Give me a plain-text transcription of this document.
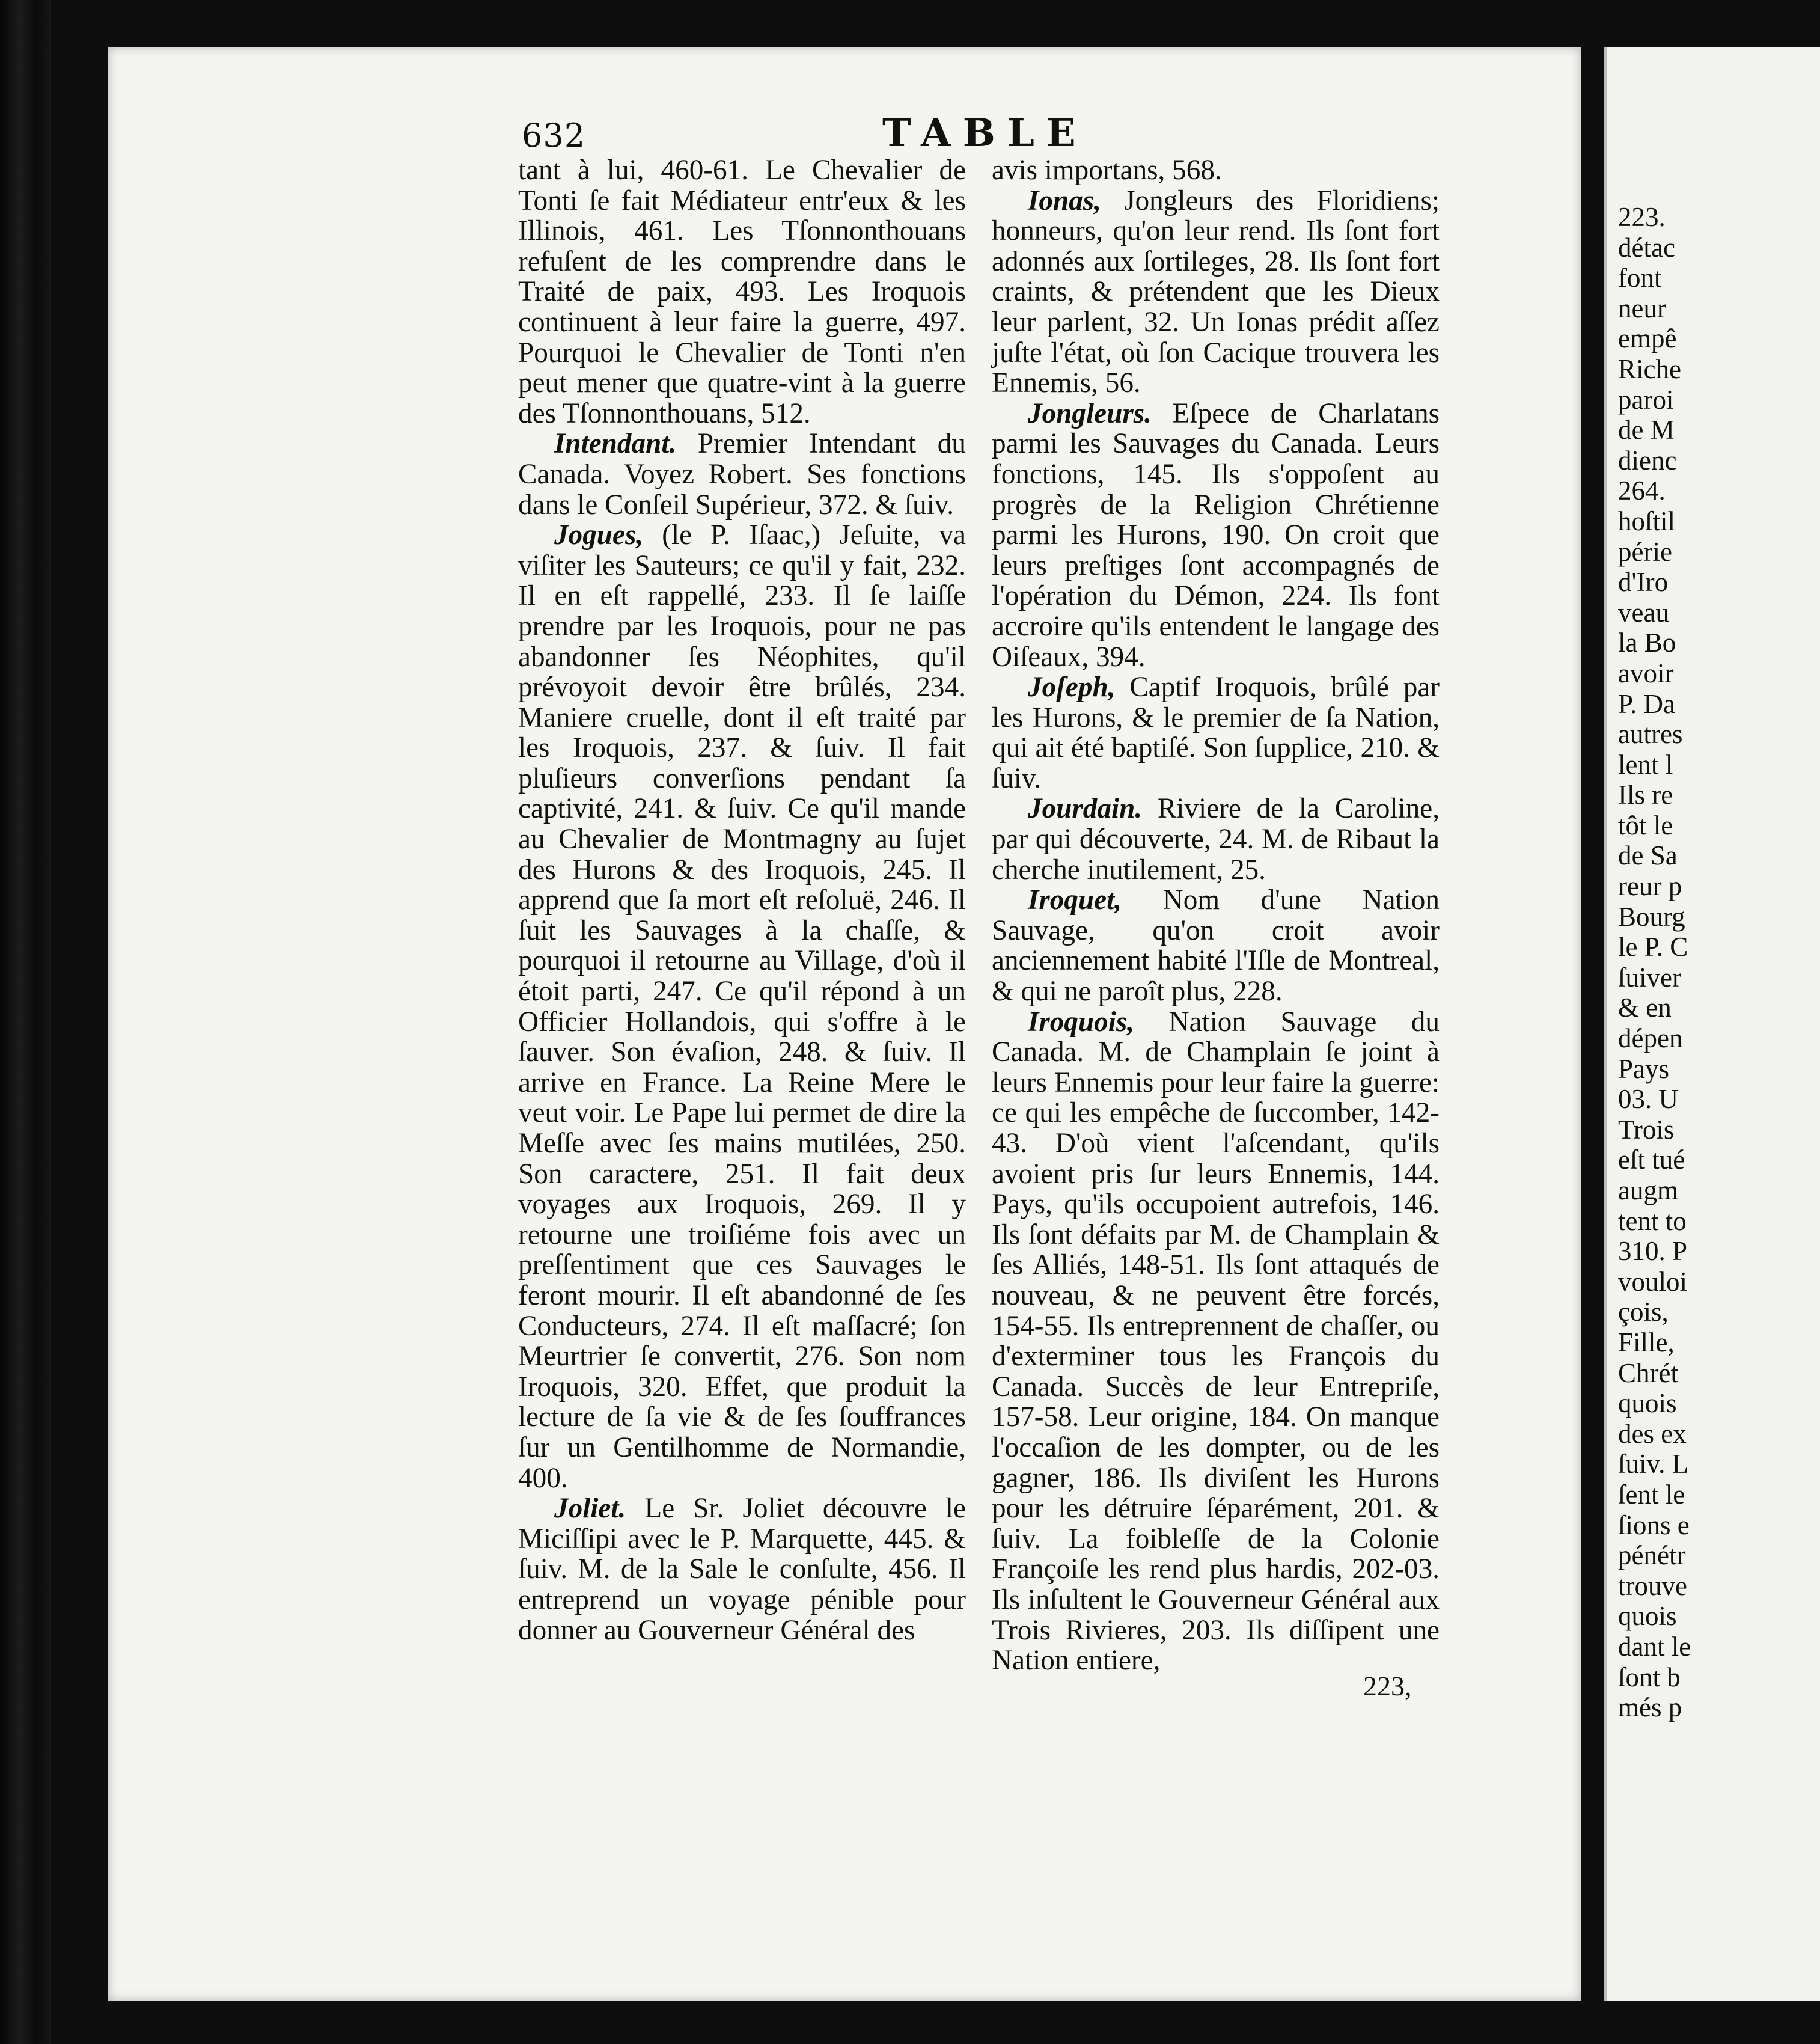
632	TABLE

tant à lui, 460-61. Le Chevalier de Tonti ſe fait Médiateur entr'eux & les Illinois, 461. Les Tſonnonthouans refuſent de les comprendre dans le Traité de paix, 493. Les Iroquois continuent à leur faire la guerre, 497. Pourquoi le Chevalier de Tonti n'en peut mener que quatre-vint à la guerre des Tſonnonthouans, 512.

Intendant. Premier Intendant du Canada. Voyez Robert. Ses fonctions dans le Conſeil Supérieur, 372. & ſuiv.

Jogues, (le P. Iſaac,) Jeſuite, va viſiter les Sauteurs; ce qu'il y fait, 232. Il en eſt rappellé, 233. Il ſe laiſſe prendre par les Iroquois, pour ne pas abandonner ſes Néophites, qu'il prévoyoit devoir être brûlés, 234. Maniere cruelle, dont il eſt traité par les Iroquois, 237. & ſuiv. Il fait pluſieurs converſions pendant ſa captivité, 241. & ſuiv. Ce qu'il mande au Chevalier de Montmagny au ſujet des Hurons & des Iroquois, 245. Il apprend que ſa mort eſt reſoluë, 246. Il ſuit les Sauvages à la chaſſe, & pourquoi il retourne au Village, d'où il étoit parti, 247. Ce qu'il répond à un Officier Hollandois, qui s'offre à le ſauver. Son évaſion, 248. & ſuiv. Il arrive en France. La Reine Mere le veut voir. Le Pape lui permet de dire la Meſſe avec ſes mains mutilées, 250. Son caractere, 251. Il fait deux voyages aux Iroquois, 269. Il y retourne une troiſiéme fois avec un preſſentiment que ces Sauvages le feront mourir. Il eſt abandonné de ſes Conducteurs, 274. Il eſt maſſacré; ſon Meurtrier ſe convertit, 276. Son nom Iroquois, 320. Effet, que produit la lecture de ſa vie & de ſes ſouffrances ſur un Gentilhomme de Normandie, 400.

Joliet. Le Sr. Joliet découvre le Miciſſipi avec le P. Marquette, 445. & ſuiv. M. de la Sale le conſulte, 456. Il entreprend un voyage pénible pour donner au Gouverneur Général des

avis importans, 568.

Ionas, Jongleurs des Floridiens; honneurs, qu'on leur rend. Ils ſont fort adonnés aux ſortileges, 28. Ils ſont fort craints, & prétendent que les Dieux leur parlent, 32. Un Ionas prédit aſſez juſte l'état, où ſon Cacique trouvera les Ennemis, 56.

Jongleurs. Eſpece de Charlatans parmi les Sauvages du Canada. Leurs fonctions, 145. Ils s'oppoſent au progrès de la Religion Chrétienne parmi les Hurons, 190. On croit que leurs preſtiges ſont accompagnés de l'opération du Démon, 224. Ils font accroire qu'ils entendent le langage des Oiſeaux, 394.

Joſeph, Captif Iroquois, brûlé par les Hurons, & le premier de ſa Nation, qui ait été baptiſé. Son ſupplice, 210. & ſuiv.

Jourdain. Riviere de la Caroline, par qui découverte, 24. M. de Ribaut la cherche inutilement, 25.

Iroquet, Nom d'une Nation Sauvage, qu'on croit avoir anciennement habité l'Iſle de Montreal, & qui ne paroît plus, 228.

Iroquois, Nation Sauvage du Canada. M. de Champlain ſe joint à leurs Ennemis pour leur faire la guerre: ce qui les empêche de ſuccomber, 142-43. D'où vient l'aſcendant, qu'ils avoient pris ſur leurs Ennemis, 144. Pays, qu'ils occupoient autrefois, 146. Ils ſont défaits par M. de Champlain & ſes Alliés, 148-51. Ils ſont attaqués de nouveau, & ne peuvent être forcés, 154-55. Ils entreprennent de chaſſer, ou d'exterminer tous les François du Canada. Succès de leur Entrepriſe, 157-58. Leur origine, 184. On manque l'occaſion de les dompter, ou de les gagner, 186. Ils diviſent les Hurons pour les détruire ſéparément, 201. & ſuiv. La foibleſſe de la Colonie Françoiſe les rend plus hardis, 202-03. Ils inſultent le Gouverneur Général aux Trois Rivieres, 203. Ils diſſipent une Nation entiere,

223,
223.
détac
font
neur
empê
Riche
paroi
de M
dienc
264.
hoſtil
périe
d'Iro
veau
la Bo
avoir
P. Da
autres
lent l
Ils re
tôt le
de Sa
reur p
Bourg
le P. C
ſuiver
& en
dépen
Pays
03. U
Trois
eſt tué
augm
tent to
310. P
vouloi
çois,
Fille,
Chrét
quois
des ex
ſuiv. L
ſent le
ſions e
pénétr
trouve
quois
dant le
ſont b
més p
